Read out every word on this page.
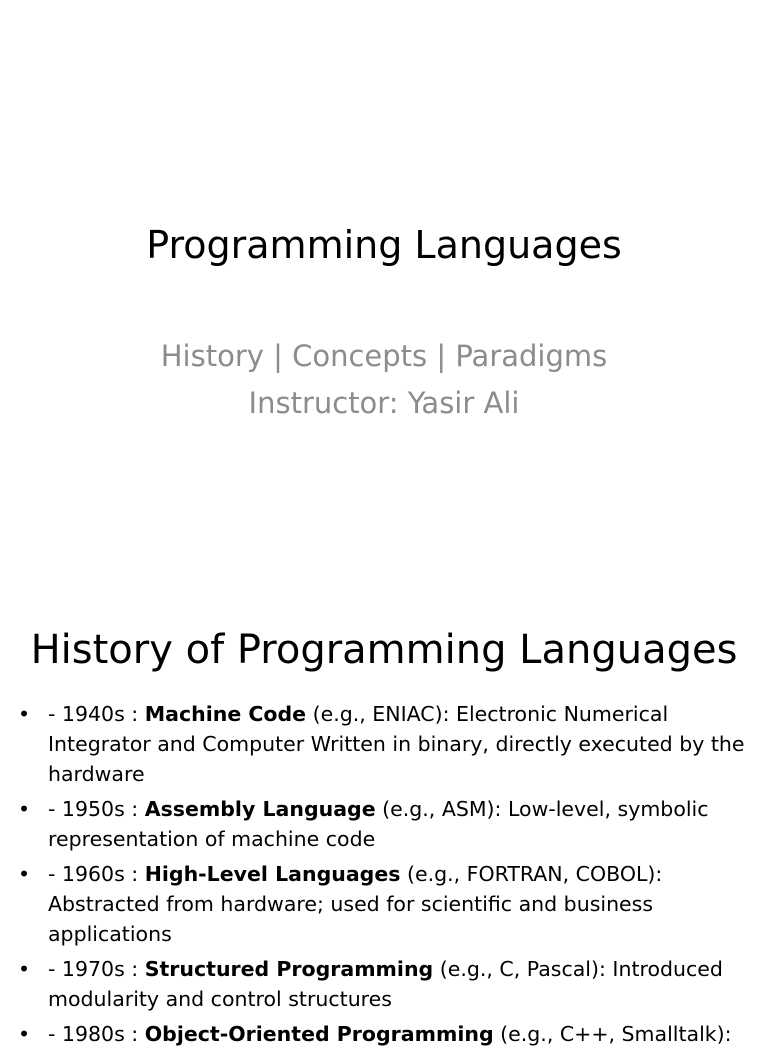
Programming Languages
History | Concepts | Paradigms
Instructor: Yasir Ali
History of Programming Languages
• - 1940s : Machine Code (e.g., ENIAC): Electronic Numerical Integrator and Computer Written in binary, directly executed by the hardware
• - 1950s : Assembly Language (e.g., ASM): Low-level, symbolic representation of machine code
• - 1960s : High-Level Languages (e.g., FORTRAN, COBOL): Abstracted from hardware; used for scientific and business applications
• - 1970s : Structured Programming (e.g., C, Pascal): Introduced modularity and control structures
• - 1980s : Object-Oriented Programming (e.g., C++, Smalltalk):
